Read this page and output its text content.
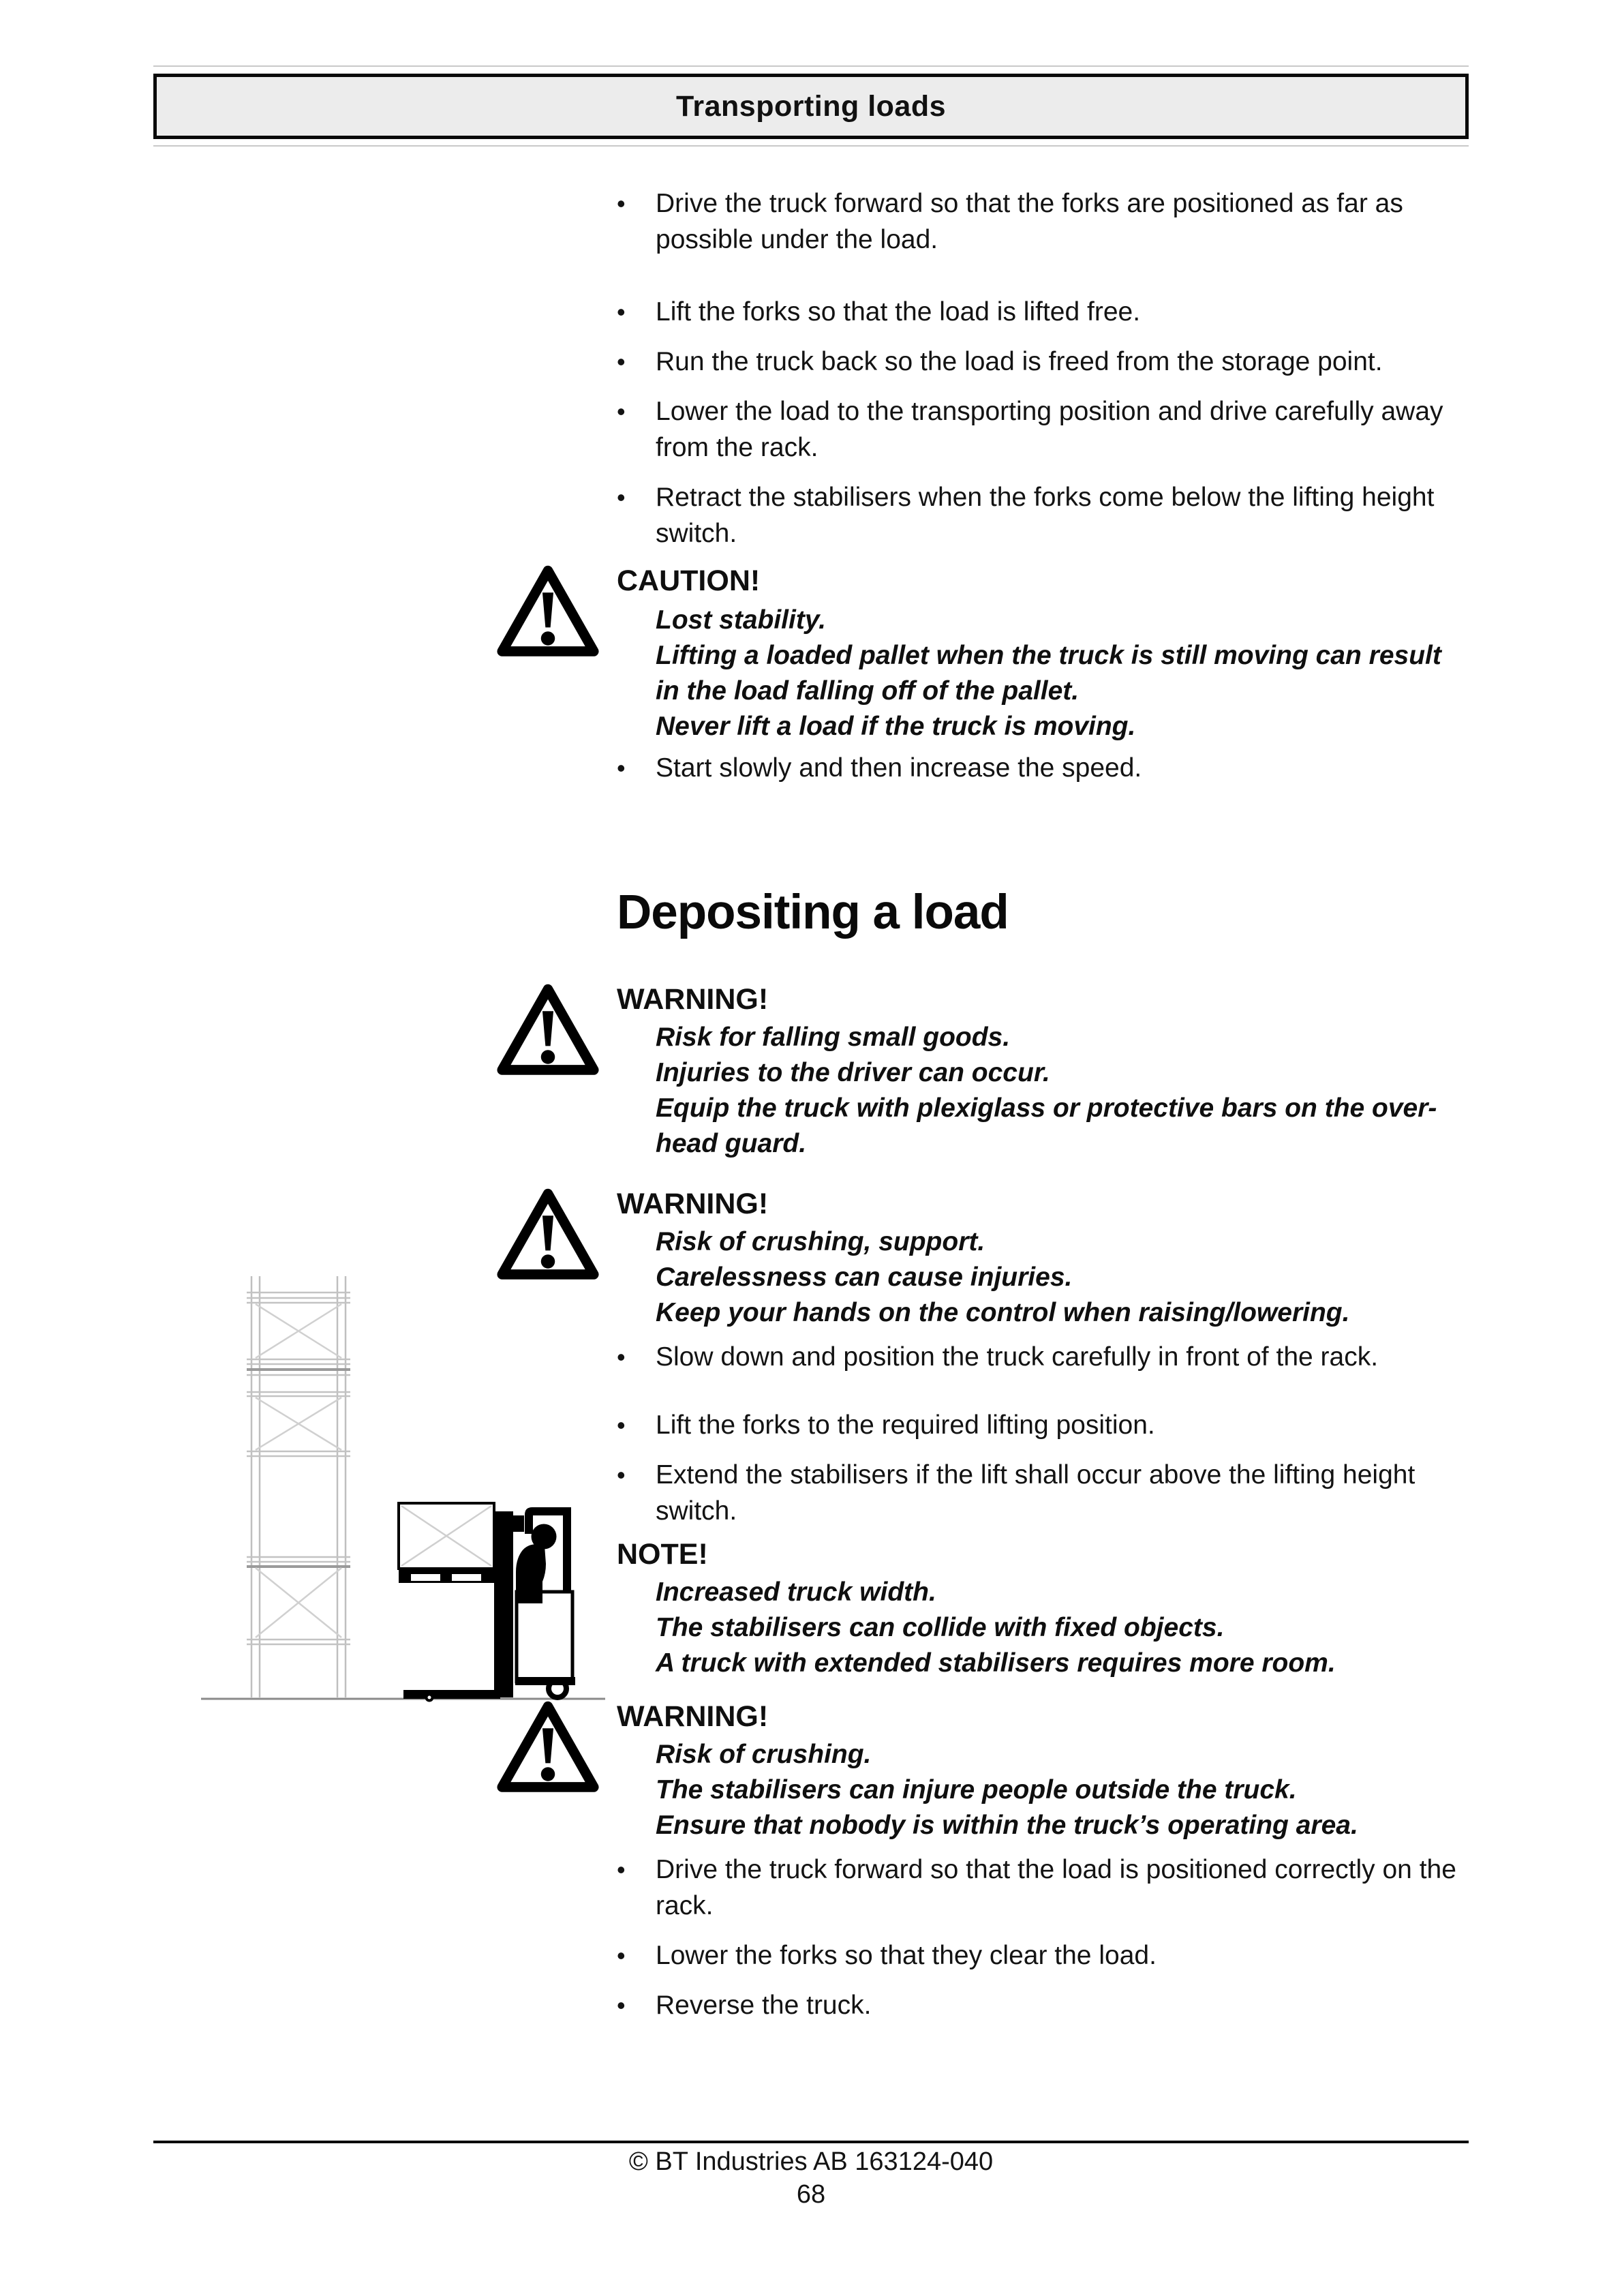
Transporting loads
•	Drive the truck forward so that the forks are positioned as far as possible under the load.
•	Lift the forks so that the load is lifted free.
•	Run the truck back so the load is freed from the storage point.
•	Lower the load to the transporting position and drive carefully away from the rack.
•	Retract the stabilisers when the forks come below the lifting height switch.
CAUTION!
Lost stability.
Lifting a loaded pallet when the truck is still moving can result
in the load falling off of the pallet.
Never lift a load if the truck is moving.
•	Start slowly and then increase the speed.
Depositing a load
WARNING!
Risk for falling small goods.
Injuries to the driver can occur.
Equip the truck with plexiglass or protective bars on the over-
head guard.
WARNING!
Risk of crushing, support.
Carelessness can cause injuries.
Keep your hands on the control when raising/lowering.
•	Slow down and position the truck carefully in front of the rack.
•	Lift the forks to the required lifting position.
•	Extend the stabilisers if the lift shall occur above the lifting height switch.
NOTE!
Increased truck width.
The stabilisers can collide with fixed objects.
A truck with extended stabilisers requires more room.
WARNING!
Risk of crushing.
The stabilisers can injure people outside the truck.
Ensure that nobody is within the truck’s operating area.
•	Drive the truck forward so that the load is positioned correctly on the rack.
•	Lower the forks so that they clear the load.
•	Reverse the truck.
© BT Industries AB 163124-040
68
